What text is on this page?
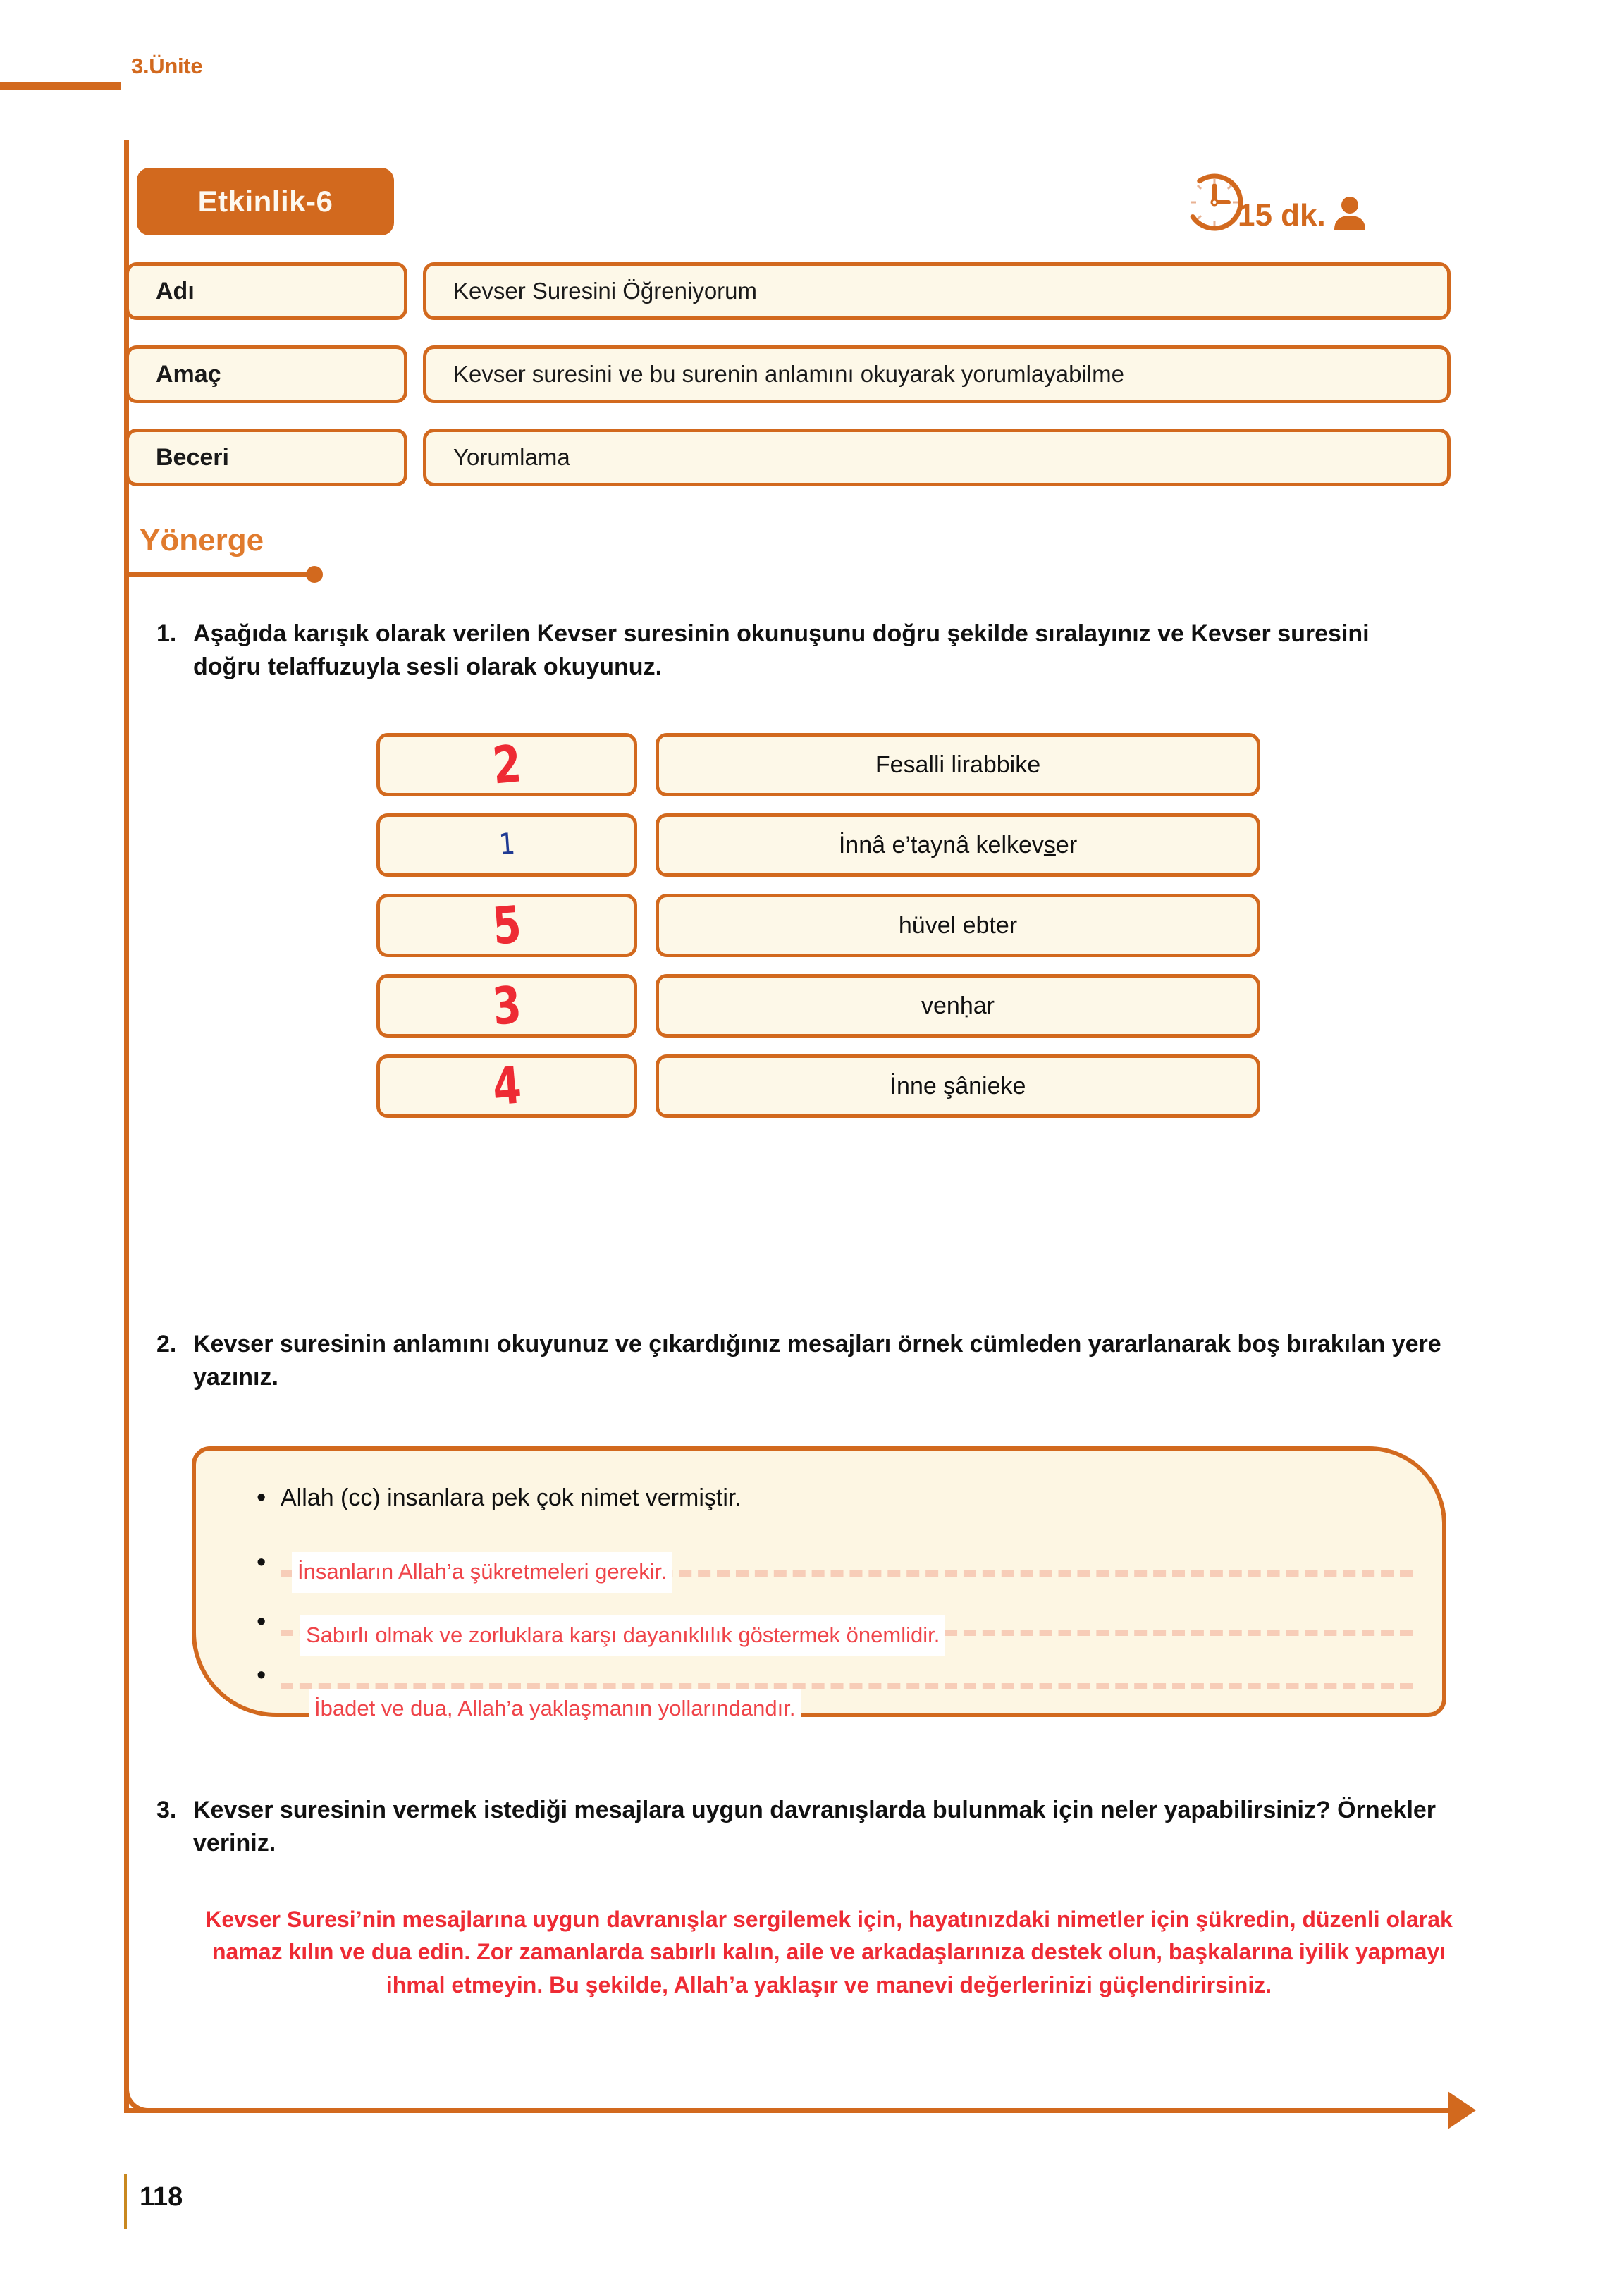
3.Ünite
Etkinlik-6	15 dk.
Adı	Kevser Suresini Öğreniyorum
Amaç	Kevser suresini ve bu surenin anlamını okuyarak yorumlayabilme
Beceri	Yorumlama
Yönerge
1. Aşağıda karışık olarak verilen Kevser suresinin okunuşunu doğru şekilde sıralayınız ve Kevser suresini doğru telaffuzuyla sesli olarak okuyunuz.
2	Fesalli lirabbike
1	İnnâ e’taynâ kelkev s er
5	hüvel ebter
3	venḥar
4	İnne şânieke
2. Kevser suresinin anlamını okuyunuz ve çıkardığınız mesajları örnek cümleden yararlanarak boş bırakılan yere yazınız.
• Allah (cc) insanlara pek çok nimet vermiştir.
•	İnsanların Allah’a şükretmeleri gerekir.
•	Sabırlı olmak ve zorluklara karşı dayanıklılık göstermek önemlidir.
•
İbadet ve dua, Allah’a yaklaşmanın yollarındandır.
3. Kevser suresinin vermek istediği mesajlara uygun davranışlarda bulunmak için neler yapabilirsiniz? Örnekler veriniz.
Kevser Suresi’nin mesajlarına uygun davranışlar sergilemek için, hayatınızdaki nimetler için şükredin, düzenli olarak namaz kılın ve dua edin. Zor zamanlarda sabırlı kalın, aile ve arkadaşlarınıza destek olun, başkalarına iyilik yapmayı ihmal etmeyin. Bu şekilde, Allah’a yaklaşır ve manevi değerlerinizi güçlendirirsiniz.
118
